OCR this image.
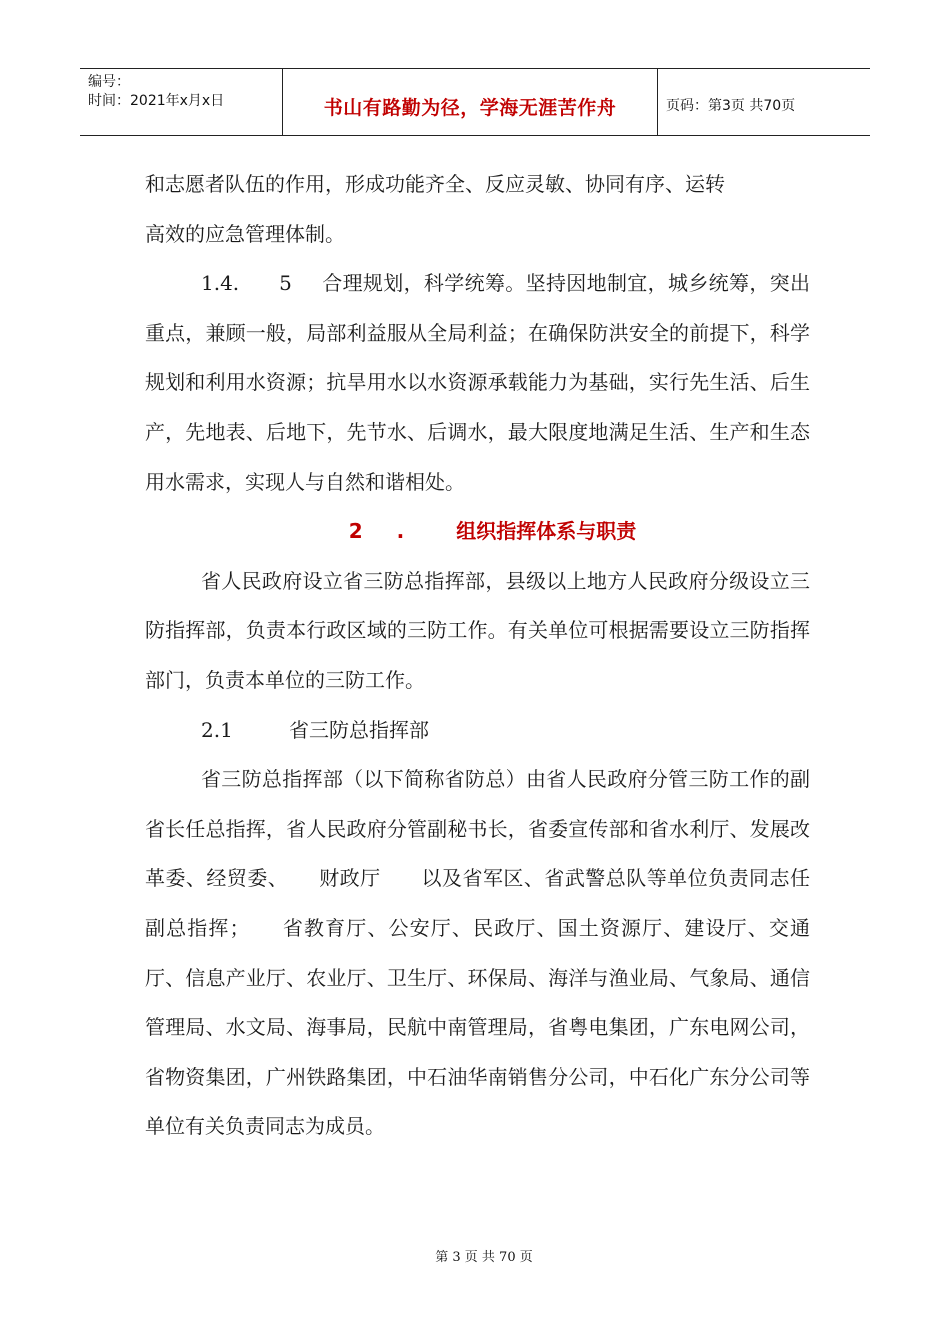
编号：
时间：2021年x月x日	书山有路勤为径，学海无涯苦作舟	页码：第3页 共70页

和志愿者队伍的作用，形成功能齐全、反应灵敏、协同有序、运转
高效的应急管理体制。

1.4. 5 合理规划，科学统筹。坚持因地制宜，城乡统筹，突出重点，兼顾一般，局部利益服从全局利益；在确保防洪安全的前提下，科学规划和利用水资源；抗旱用水以水资源承载能力为基础，实行先生活、后生产，先地表、后地下，先节水、后调水，最大限度地满足生活、生产和生态用水需求，实现人与自然和谐相处。

2 .	组织指挥体系与职责

省人民政府设立省三防总指挥部，县级以上地方人民政府分级设立三防指挥部，负责本行政区域的三防工作。有关单位可根据需要设立三防指挥部门，负责本单位的三防工作。

2.1	省三防总指挥部

省三防总指挥部（以下简称省防总）由省人民政府分管三防工作的副省长任总指挥，省人民政府分管副秘书长，省委宣传部和省水利厅、发展改革委、经贸委、　　财政厅　　以及省军区、省武警总队等单位负责同志任副总指挥；　　省教育厅、公安厅、民政厅、国土资源厅、建设厅、交通厅、信息产业厅、农业厅、卫生厅、环保局、海洋与渔业局、气象局、通信管理局、水文局、海事局，民航中南管理局，省粤电集团，广东电网公司，省物资集团，广州铁路集团，中石油华南销售分公司，中石化广东分公司等单位有关负责同志为成员。

第 3 页 共 70 页
